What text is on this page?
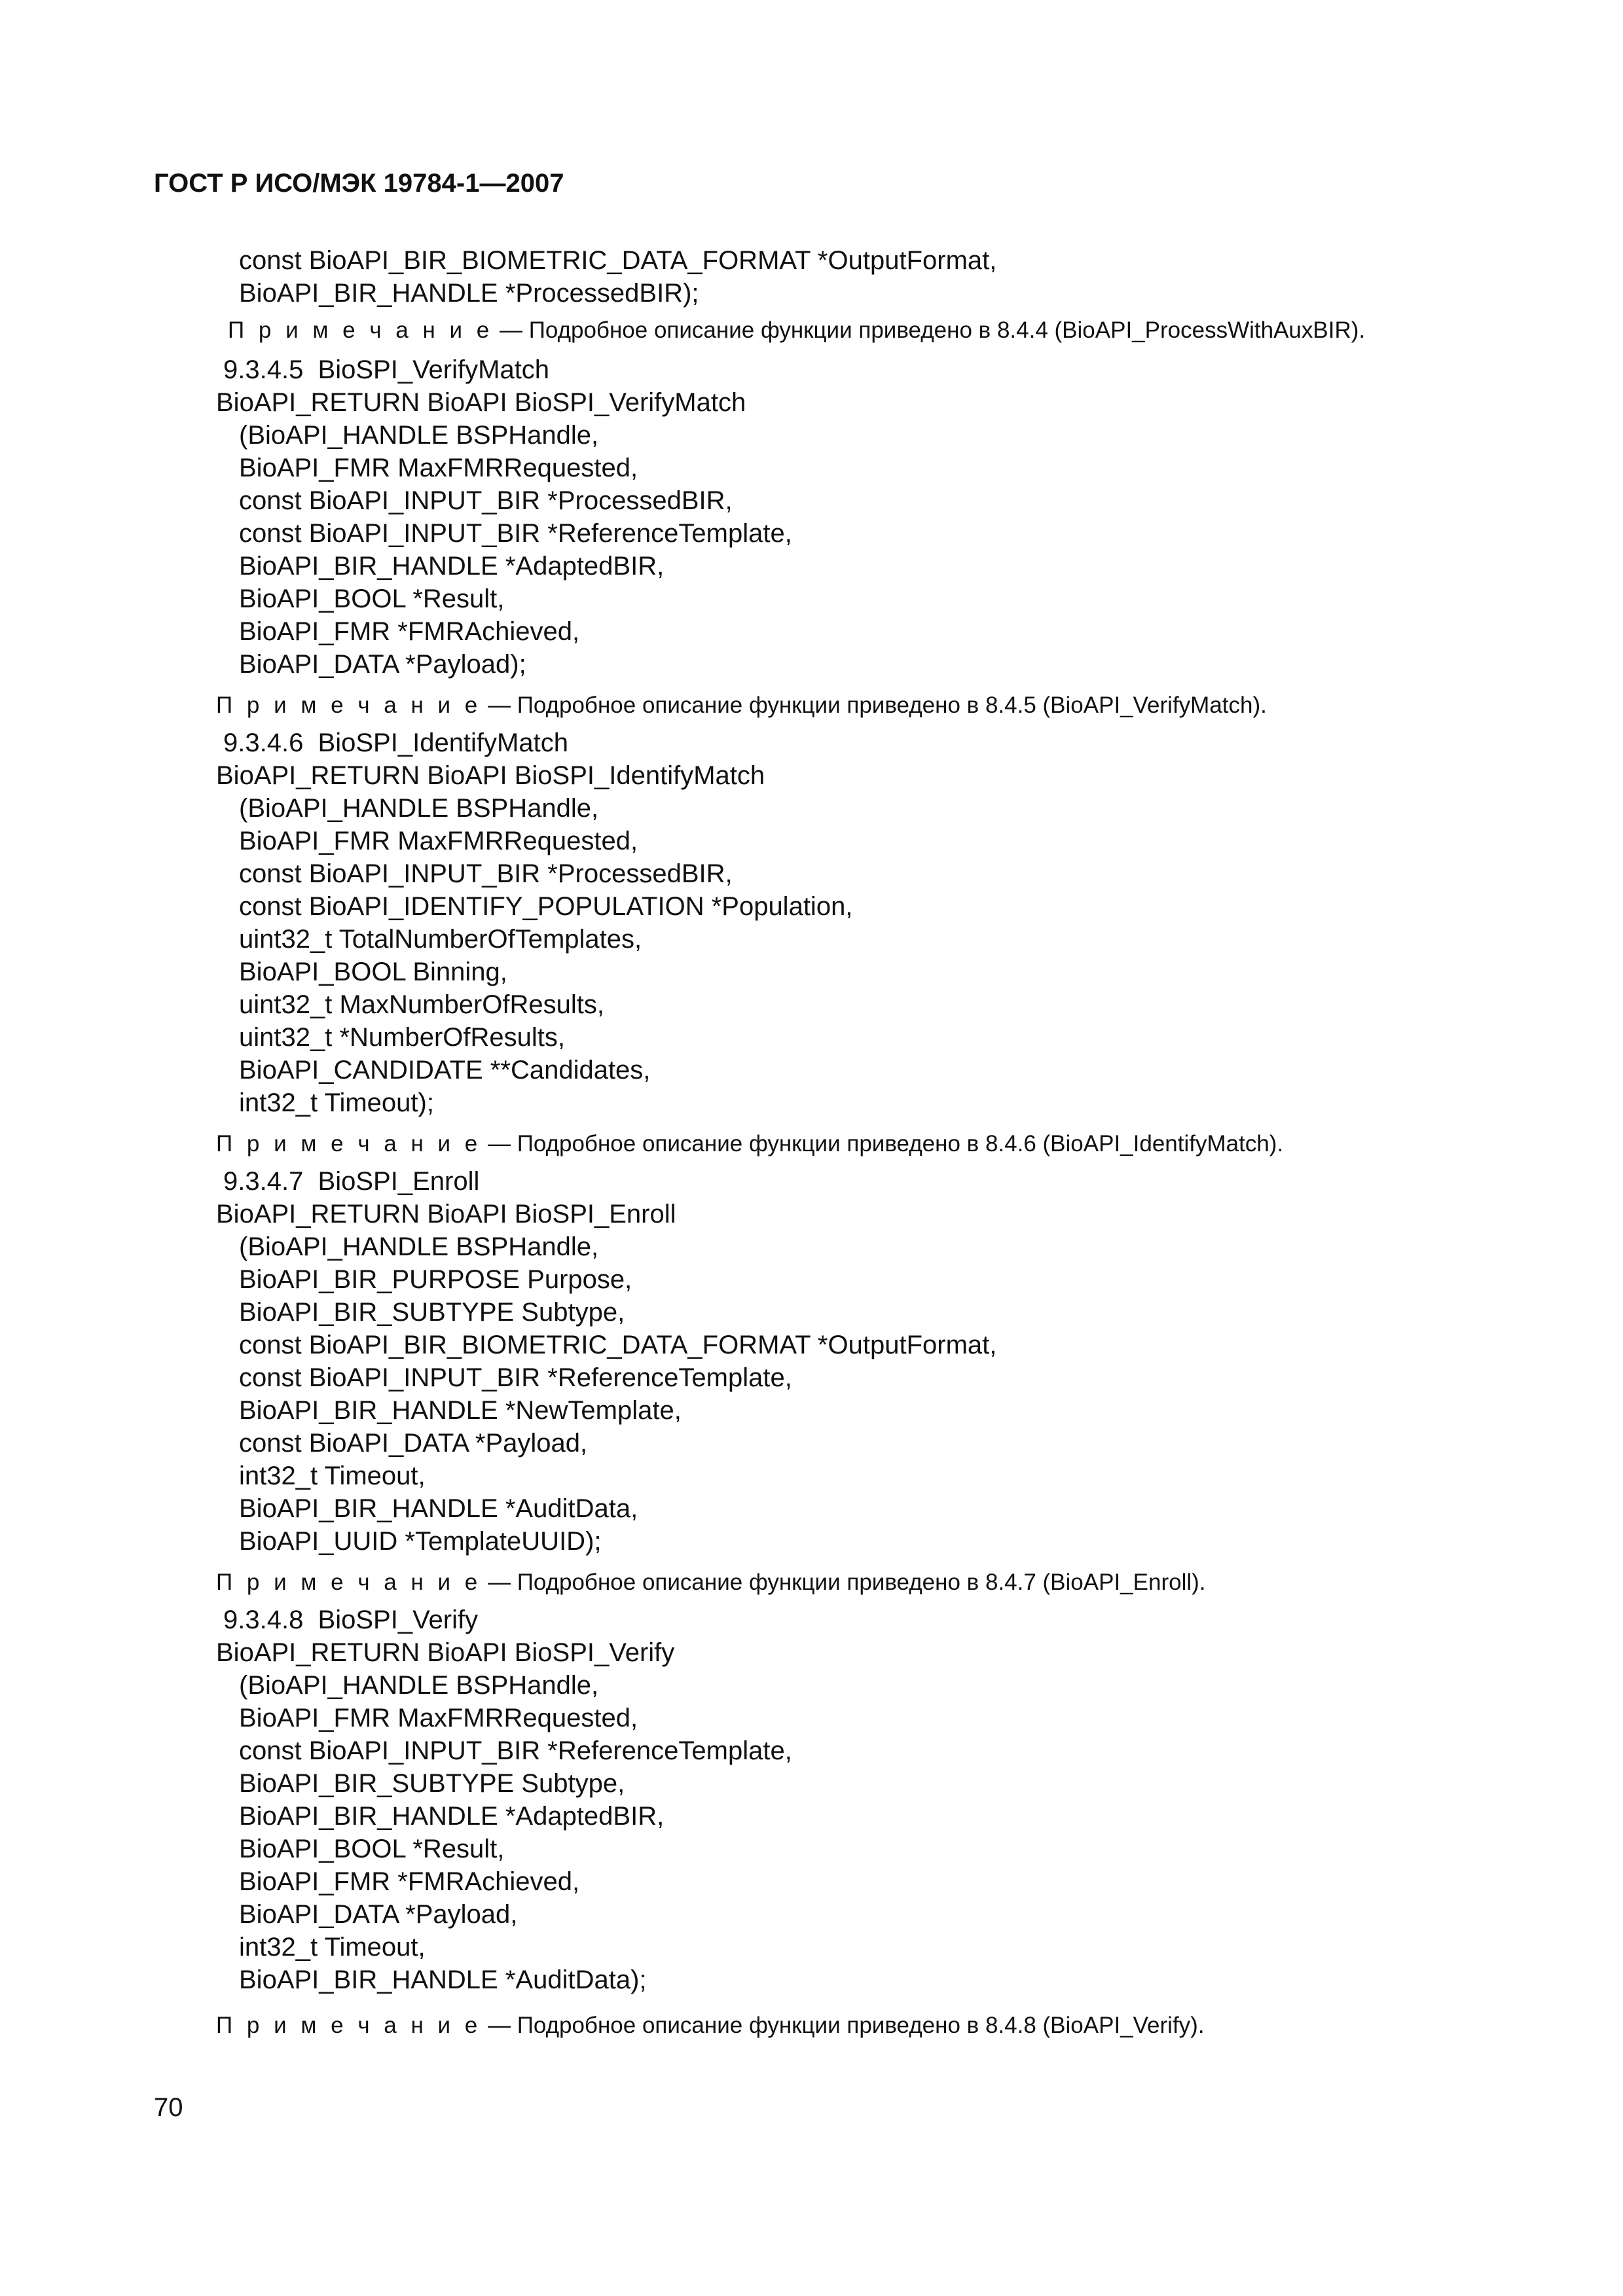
ГОСТ Р ИСО/МЭК 19784-1—2007
const BioAPI_BIR_BIOMETRIC_DATA_FORMAT *OutputFormat,
BioAPI_BIR_HANDLE *ProcessedBIR);
П р и м е ч а н и е — Подробное описание функции приведено в 8.4.4 (BioAPI_ProcessWithAuxBIR).
9.3.4.5  BioSPI_VerifyMatch
BioAPI_RETURN BioAPI BioSPI_VerifyMatch
(BioAPI_HANDLE BSPHandle,
BioAPI_FMR MaxFMRRequested,
const BioAPI_INPUT_BIR *ProcessedBIR,
const BioAPI_INPUT_BIR *ReferenceTemplate,
BioAPI_BIR_HANDLE *AdaptedBIR,
BioAPI_BOOL *Result,
BioAPI_FMR *FMRAchieved,
BioAPI_DATA *Payload);
П р и м е ч а н и е — Подробное описание функции приведено в 8.4.5 (BioAPI_VerifyMatch).
9.3.4.6  BioSPI_IdentifyMatch
BioAPI_RETURN BioAPI BioSPI_IdentifyMatch
(BioAPI_HANDLE BSPHandle,
BioAPI_FMR MaxFMRRequested,
const BioAPI_INPUT_BIR *ProcessedBIR,
const BioAPI_IDENTIFY_POPULATION *Population,
uint32_t TotalNumberOfTemplates,
BioAPI_BOOL Binning,
uint32_t MaxNumberOfResults,
uint32_t *NumberOfResults,
BioAPI_CANDIDATE **Candidates,
int32_t Timeout);
П р и м е ч а н и е — Подробное описание функции приведено в 8.4.6 (BioAPI_IdentifyMatch).
9.3.4.7  BioSPI_Enroll
BioAPI_RETURN BioAPI BioSPI_Enroll
(BioAPI_HANDLE BSPHandle,
BioAPI_BIR_PURPOSE Purpose,
BioAPI_BIR_SUBTYPE Subtype,
const BioAPI_BIR_BIOMETRIC_DATA_FORMAT *OutputFormat,
const BioAPI_INPUT_BIR *ReferenceTemplate,
BioAPI_BIR_HANDLE *NewTemplate,
const BioAPI_DATA *Payload,
int32_t Timeout,
BioAPI_BIR_HANDLE *AuditData,
BioAPI_UUID *TemplateUUID);
П р и м е ч а н и е — Подробное описание функции приведено в 8.4.7 (BioAPI_Enroll).
9.3.4.8  BioSPI_Verify
BioAPI_RETURN BioAPI BioSPI_Verify
(BioAPI_HANDLE BSPHandle,
BioAPI_FMR MaxFMRRequested,
const BioAPI_INPUT_BIR *ReferenceTemplate,
BioAPI_BIR_SUBTYPE Subtype,
BioAPI_BIR_HANDLE *AdaptedBIR,
BioAPI_BOOL *Result,
BioAPI_FMR *FMRAchieved,
BioAPI_DATA *Payload,
int32_t Timeout,
BioAPI_BIR_HANDLE *AuditData);
П р и м е ч а н и е — Подробное описание функции приведено в 8.4.8 (BioAPI_Verify).
70
